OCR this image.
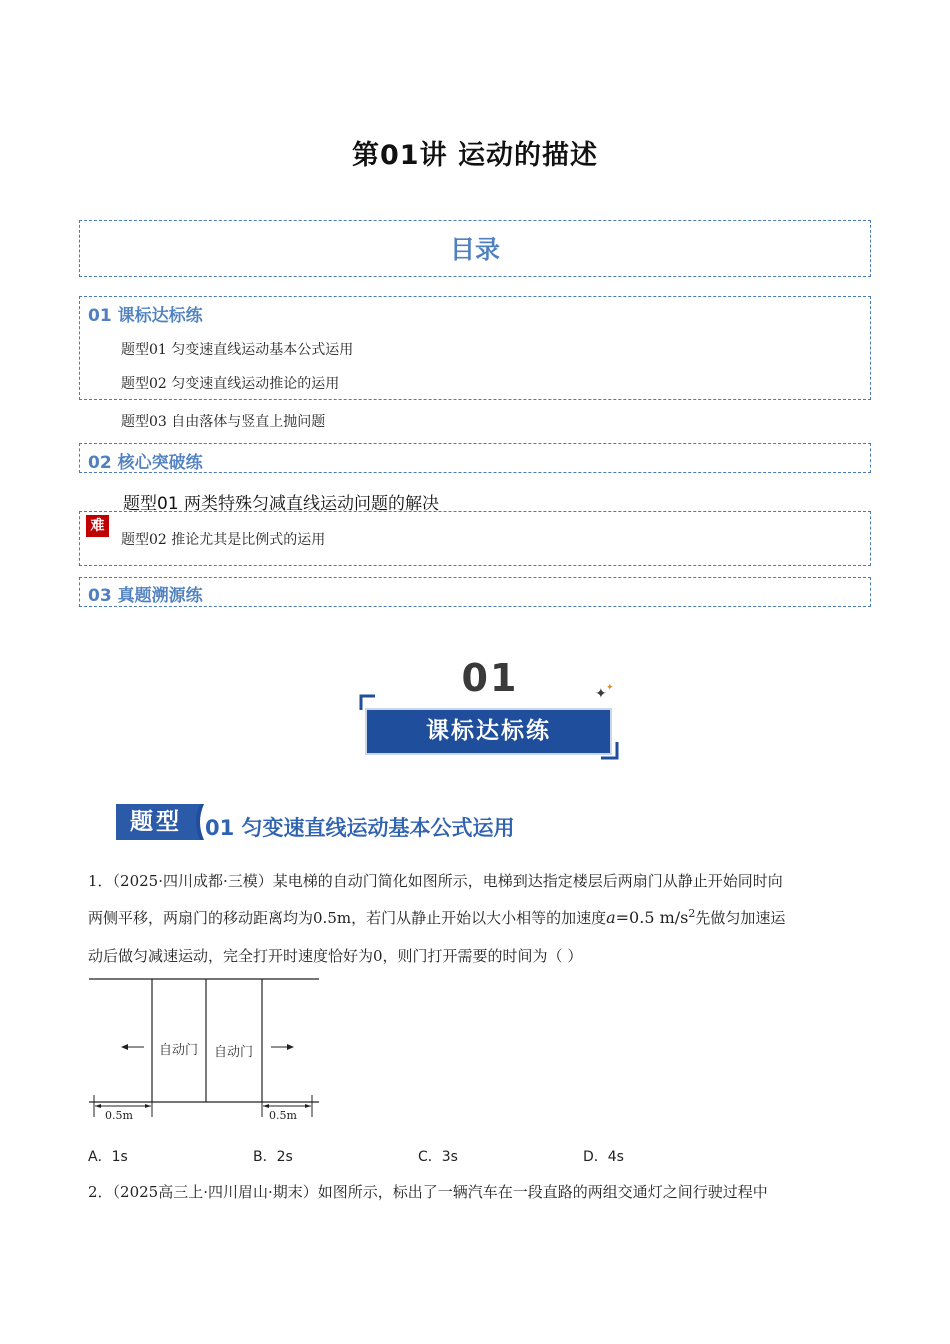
第01讲 运动的描述
目录
01 课标达标练
题型01 匀变速直线运动基本公式运用
题型02 匀变速直线运动推论的运用
题型03 自由落体与竖直上抛问题
02 核心突破练
题型01 两类特殊匀减直线运动问题的解决
难
题型02 推论尤其是比例式的运用
03 真题溯源练
01	✦ ✦
课标达标练
题型	01 匀变速直线运动基本公式运用
1．（2025·四川成都·三模）某电梯的自动门简化如图所示，电梯到达指定楼层后两扇门从静止开始同时向
两侧平移，两扇门的移动距离均为0.5m，若门从静止开始以大小相等的加速度a=0.5 $m/s^2$先做匀加速运
动后做匀减速运动，完全打开时速度恰好为0，则门打开需要的时间为（ ）
自动门 自动门
0.5m	0.5m
A．1s	B．2s	C．3s	D．4s
2．（2025高三上·四川眉山·期末）如图所示，标出了一辆汽车在一段直路的两组交通灯之间行驶过程中
